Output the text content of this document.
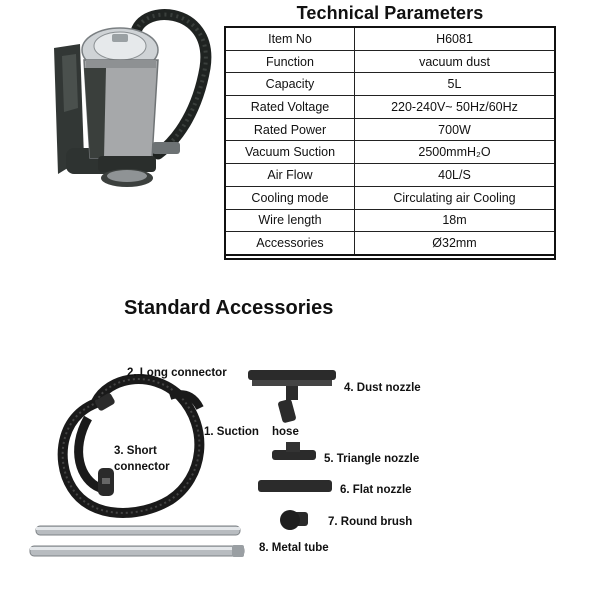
Technical Parameters
Item No	H6081
Function	vacuum dust
Capacity	5L
Rated Voltage	220-240V~ 50Hz/60Hz
Rated Power	700W
Vacuum Suction	2500mmH₂O
Air Flow	40L/S
Cooling mode	Circulating air Cooling
Wire length	18m
Accessories	Ø32mm
Standard Accessories
2. Long connector
4. Dust nozzle
1. Suction hose
3. Short
connector
5. Triangle nozzle
6. Flat nozzle
7. Round brush
8. Metal tube
